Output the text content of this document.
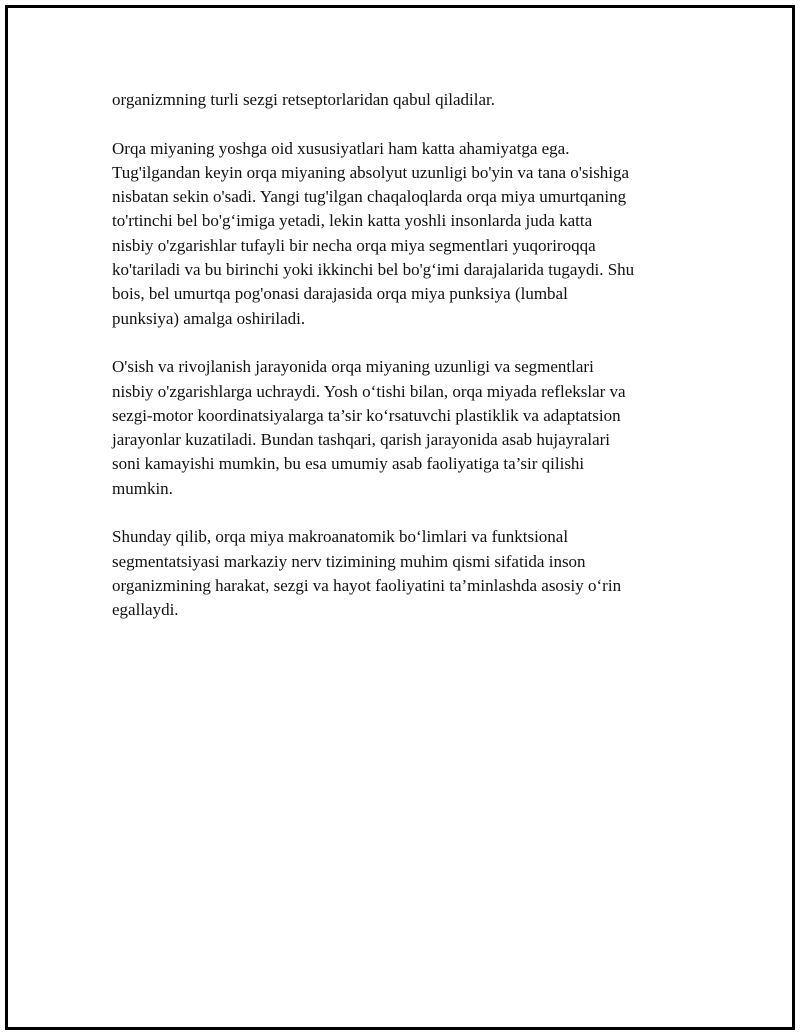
organizmning turli sezgi retseptorlaridan qabul qiladilar.

Orqa miyaning yoshga oid xususiyatlari ham katta ahamiyatga ega.
Tug'ilgandan keyin orqa miyaning absolyut uzunligi bo'yin va tana o'sishiga
nisbatan sekin o'sadi. Yangi tug'ilgan chaqaloqlarda orqa miya umurtqaning
to'rtinchi bel bo'g‘imiga yetadi, lekin katta yoshli insonlarda juda katta
nisbiy o'zgarishlar tufayli bir necha orqa miya segmentlari yuqoriroqqa
ko'tariladi va bu birinchi yoki ikkinchi bel bo'g‘imi darajalarida tugaydi. Shu
bois, bel umurtqa pog'onasi darajasida orqa miya punksiya (lumbal
punksiya) amalga oshiriladi.

O'sish va rivojlanish jarayonida orqa miyaning uzunligi va segmentlari
nisbiy o'zgarishlarga uchraydi. Yosh o‘tishi bilan, orqa miyada reflekslar va
sezgi-motor koordinatsiyalarga ta’sir ko‘rsatuvchi plastiklik va adaptatsion
jarayonlar kuzatiladi. Bundan tashqari, qarish jarayonida asab hujayralari
soni kamayishi mumkin, bu esa umumiy asab faoliyatiga ta’sir qilishi
mumkin.

Shunday qilib, orqa miya makroanatomik bo‘limlari va funktsional
segmentatsiyasi markaziy nerv tizimining muhim qismi sifatida inson
organizmining harakat, sezgi va hayot faoliyatini ta’minlashda asosiy o‘rin
egallaydi.
